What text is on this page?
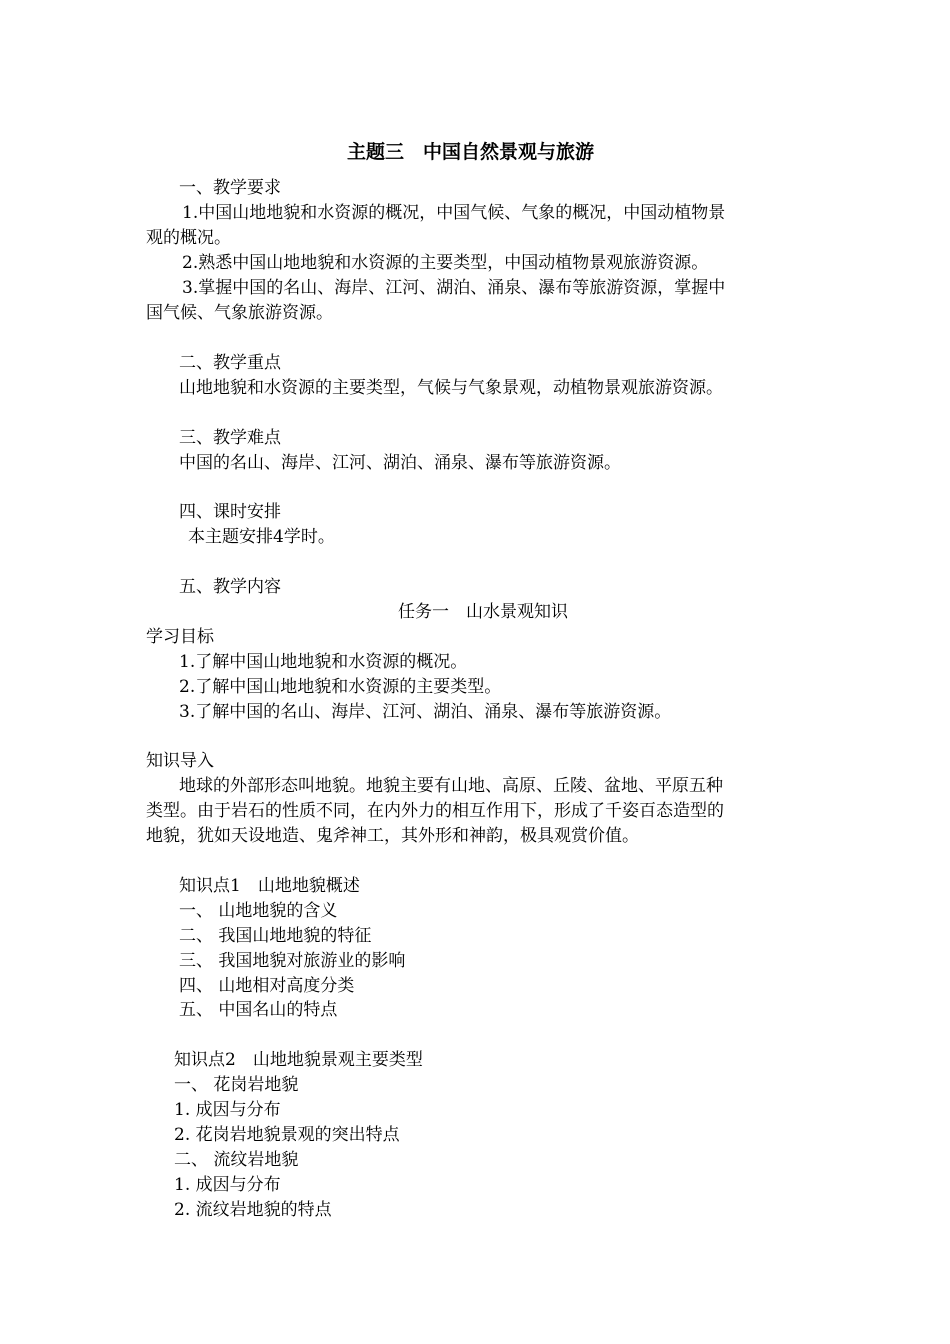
主题三　中国自然景观与旅游
一、教学要求
1.中国山地地貌和水资源的概况，中国气候、气象的概况，中国动植物景
观的概况。
2.熟悉中国山地地貌和水资源的主要类型，中国动植物景观旅游资源。
3.掌握中国的名山、海岸、江河、湖泊、涌泉、瀑布等旅游资源，掌握中
国气候、气象旅游资源。
二、教学重点
山地地貌和水资源的主要类型，气候与气象景观，动植物景观旅游资源。
三、教学难点
中国的名山、海岸、江河、湖泊、涌泉、瀑布等旅游资源。
四、课时安排
本主题安排4学时。
五、教学内容
任务一　山水景观知识
学习目标
1.了解中国山地地貌和水资源的概况。
2.了解中国山地地貌和水资源的主要类型。
3.了解中国的名山、海岸、江河、湖泊、涌泉、瀑布等旅游资源。
知识导入
地球的外部形态叫地貌。地貌主要有山地、高原、丘陵、盆地、平原五种
类型。由于岩石的性质不同，在内外力的相互作用下，形成了千姿百态造型的
地貌，犹如天设地造、鬼斧神工，其外形和神韵，极具观赏价值。
知识点1　山地地貌概述
一、 山地地貌的含义
二、 我国山地地貌的特征
三、 我国地貌对旅游业的影响
四、 山地相对高度分类
五、 中国名山的特点
知识点2　山地地貌景观主要类型
一、 花岗岩地貌
1. 成因与分布
2. 花岗岩地貌景观的突出特点
二、 流纹岩地貌
1. 成因与分布
2. 流纹岩地貌的特点
